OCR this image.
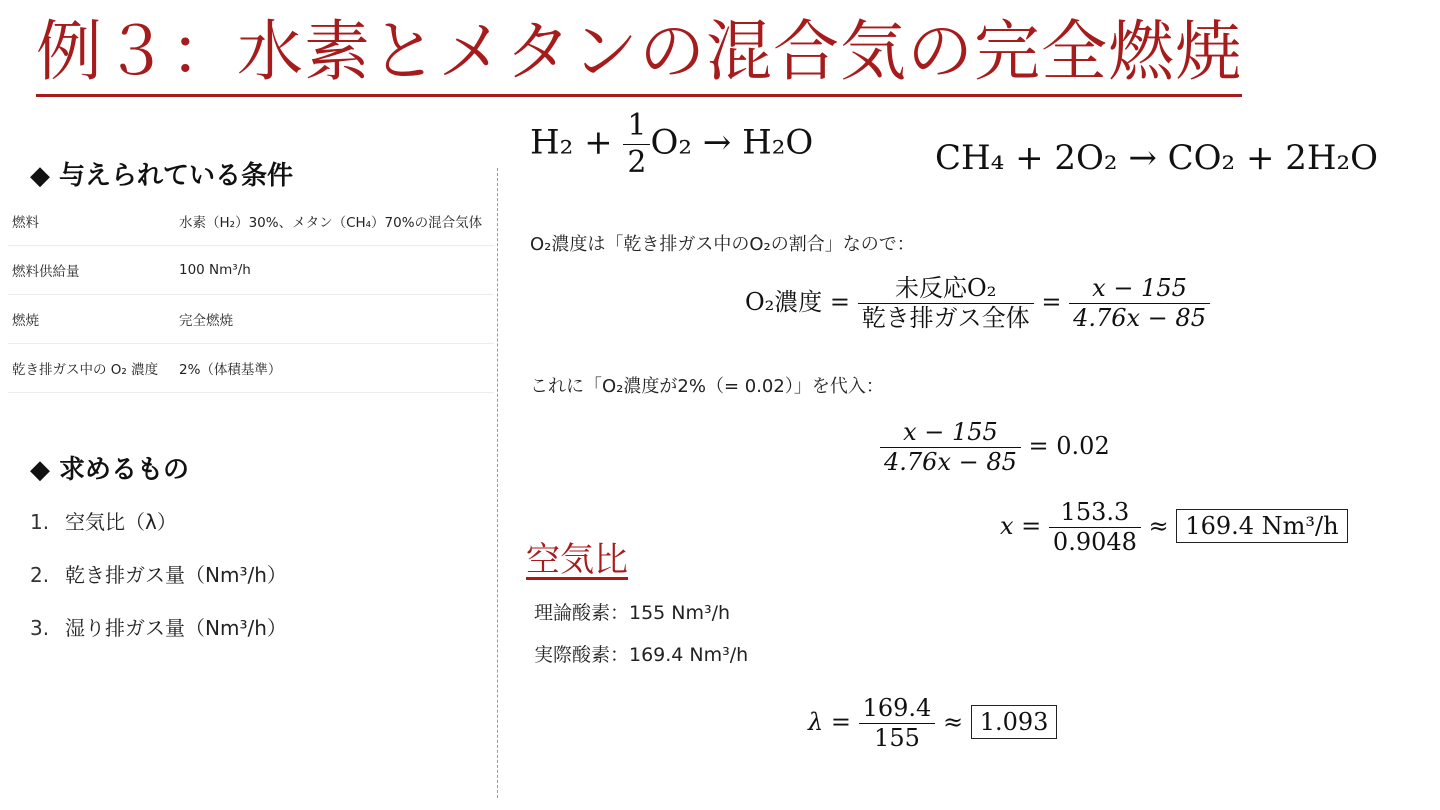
例３：水素とメタンの混合気の完全燃焼
◆ 与えられている条件
燃料	水素（H₂）30%、メタン（CH₄）70%の混合気体
燃料供給量	100 Nm³/h
燃焼	完全燃焼
乾き排ガス中の O₂ 濃度	2%（体積基準）
◆ 求めるもの
1. 空気比（λ）
2. 乾き排ガス量（Nm³/h）
3. 湿り排ガス量（Nm³/h）
$H_2 + \frac{1}{2} O_2 \to H_2O$	CH₄ + 2O₂ → CO₂ + 2H₂O
O₂濃度は「乾き排ガス中のO₂の割合」なので：
O₂濃度 = $\frac{\text{未反応O₂}}{\text{乾き排ガス全体}} = \frac{x - 155}{4.76x - 85}$
これに「O₂濃度が2%（= 0.02）」を代入：
$\frac{x - 155}{4.76x - 85} = 0.02$
$x = \frac{153.3}{0.9048} \approx 169.4$ Nm³/h
空気比
理論酸素：155 Nm³/h
実際酸素：169.4 Nm³/h
$\lambda = \frac{169.4}{155} \approx 1.093$
